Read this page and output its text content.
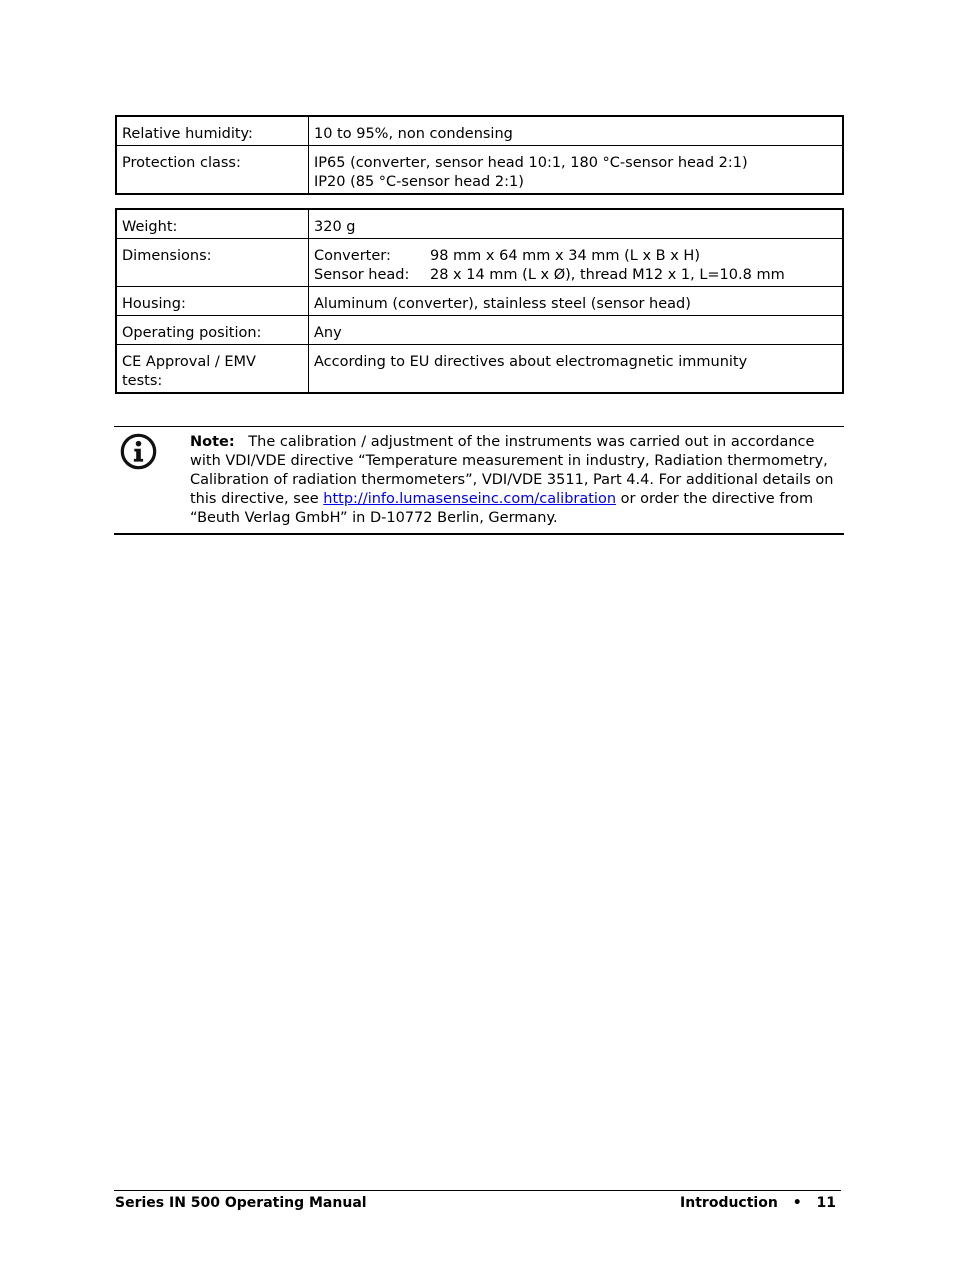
Relative humidity:	10 to 95%, non condensing

Protection class:	IP65 (converter, sensor head 10:1, 180 °C-sensor head 2:1)
IP20 (85 °C-sensor head 2:1)
Weight:	320 g
Dimensions:	Converter: 98 mm x 64 mm x 34 mm (L x B x H)
Sensor head: 28 x 14 mm (L x Ø), thread M12 x 1, L=10.8 mm

Housing:	Aluminum (converter), stainless steel (sensor head)
Operating position:	Any

CE Approval / EMV
tests:	According to EU directives about electromagnetic immunity
Note: The calibration / adjustment of the instruments was carried out in accordance with VDI/VDE directive “Temperature measurement in industry, Radiation thermometry, Calibration of radiation thermometers”, VDI/VDE 3511, Part 4.4. For additional details on this directive, see http://info.lumasenseinc.com/calibration or order the directive from “Beuth Verlag GmbH” in D-10772 Berlin, Germany.
Series IN 500 Operating Manual	Introduction • 11
